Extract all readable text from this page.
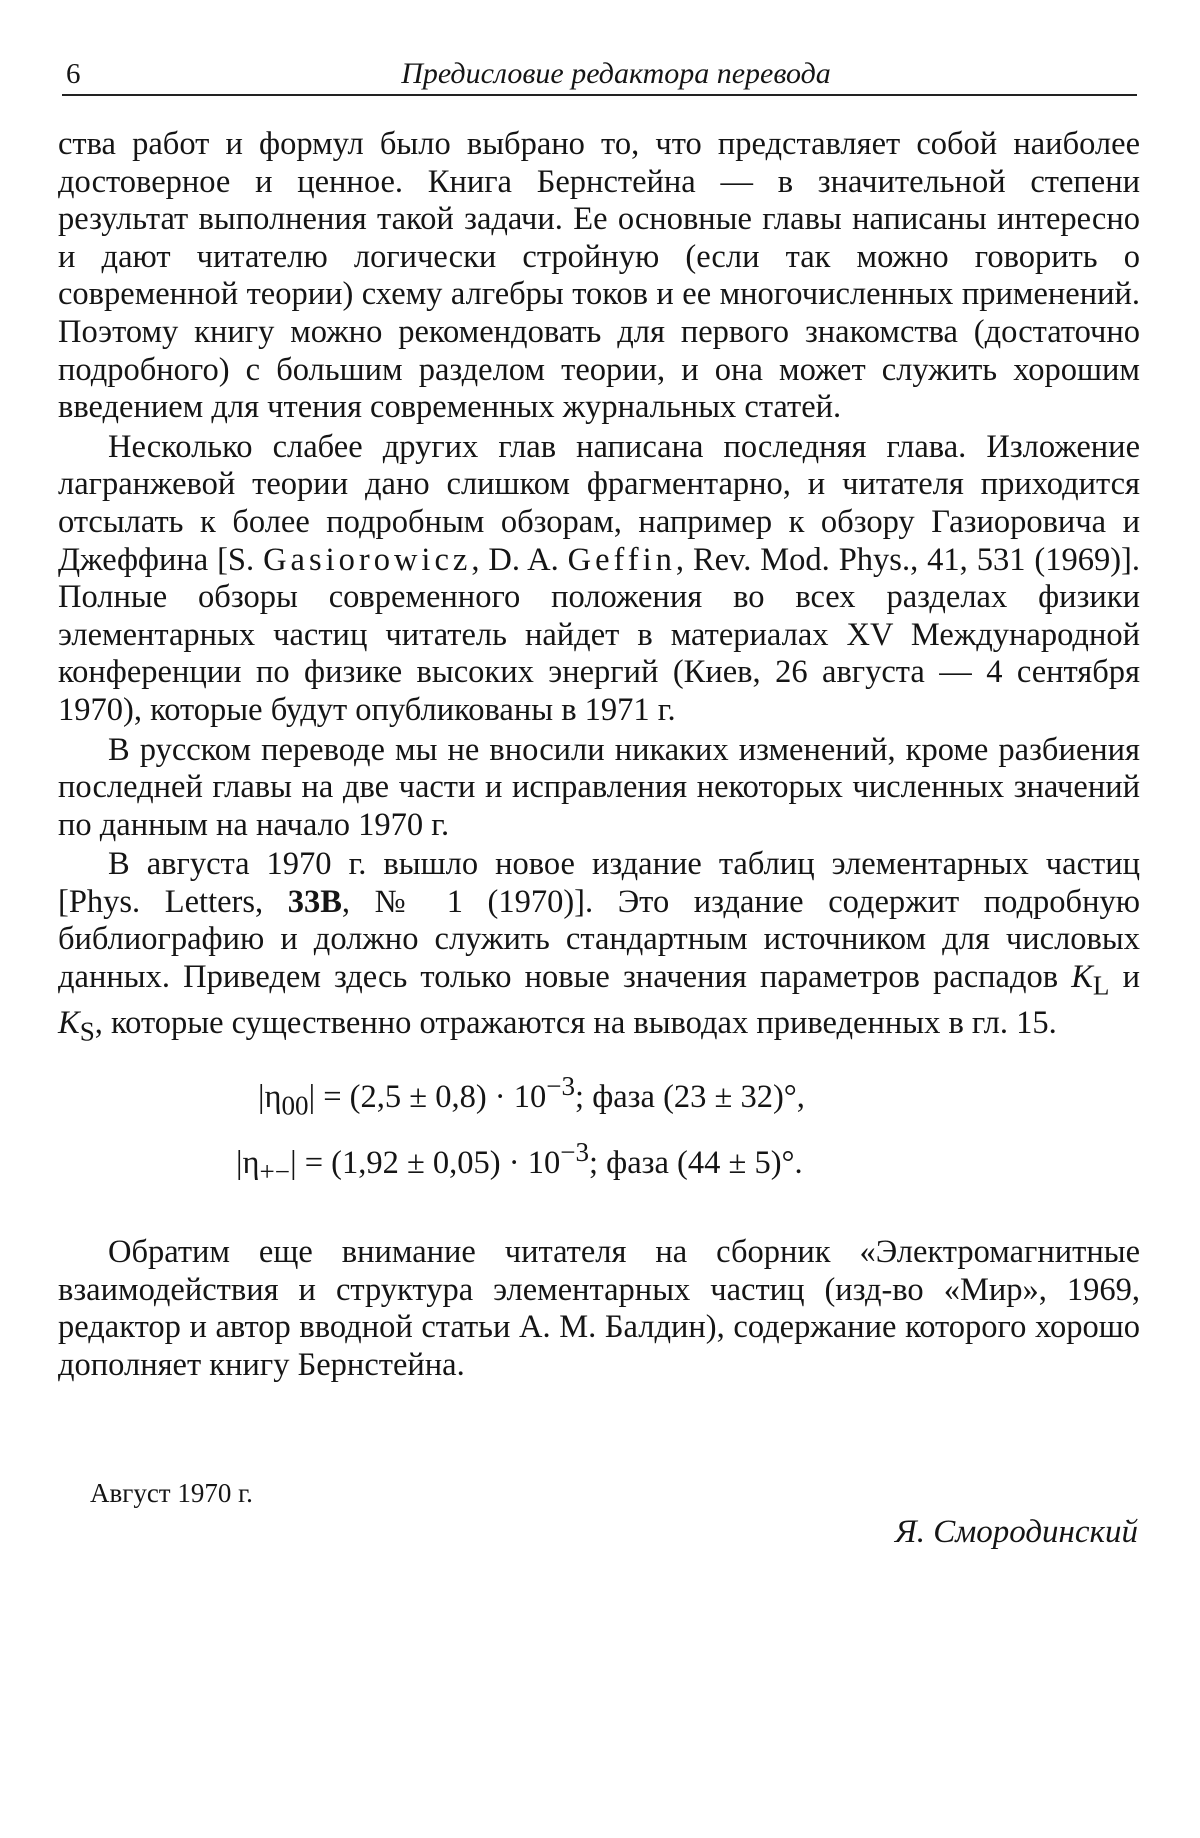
6	Предисловие редактора перевода

ства работ и формул было выбрано то, что представляет собой наиболее достоверное и ценное. Книга Бернстейна — в значительной степени результат выполнения такой задачи. Ее основные главы написаны интересно и дают читателю логически стройную (если так можно говорить о современной теории) схему алгебры токов и ее многочисленных применений. Поэтому книгу можно рекомендовать для первого знакомства (достаточно подробного) с большим разделом теории, и она может служить хорошим введением для чтения современных журнальных статей.

Несколько слабее других глав написана последняя глава. Изложение лагранжевой теории дано слишком фрагментарно, и читателя приходится отсылать к более подробным обзорам, например к обзору Газиоровича и Джеффина [S. Gasiorowicz, D. A. Geffin, Rev. Mod. Phys., 41, 531 (1969)]. Полные обзоры современного положения во всех разделах физики элементарных частиц читатель найдет в материалах XV Международной конференции по физике высоких энергий (Киев, 26 августа — 4 сентября 1970), которые будут опубликованы в 1971 г.

В русском переводе мы не вносили никаких изменений, кроме разбиения последней главы на две части и исправления некоторых численных значений по данным на начало 1970 г.

В августа 1970 г. вышло новое издание таблиц элементарных частиц [Phys. Letters, 33B, № 1 (1970)]. Это издание содержит подробную библиографию и должно служить стандартным источником для числовых данных. Приведем здесь только новые значения параметров распадов $K_L$ и $K_S$, которые существенно отражаются на выводах приведенных в гл. 15.

$|\eta_{00}| = (2,5 \pm 0,8) \cdot 10^{-3}$; фаза (23 ± 32)°,
$|\eta_{+-}| = (1,92 \pm 0,05) \cdot 10^{-3}$; фаза (44 ± 5)°.

Обратим еще внимание читателя на сборник «Электромагнитные взаимодействия и структура элементарных частиц (изд-во «Мир», 1969, редактор и автор вводной статьи А. М. Балдин), содержание которого хорошо дополняет книгу Бернстейна.

Август 1970 г.
Я. Смородинский
